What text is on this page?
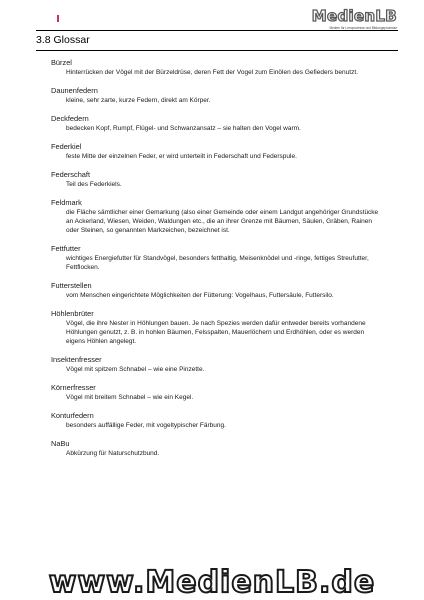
MedienLB
Medien für Lernprozesse und Bildungsprozesse
3.8 Glossar
Bürzel
Hinterrücken der Vögel mit der Bürzeldrüse, deren Fett der Vogel zum Einölen des Gefieders benutzt.
Daunenfedern
kleine, sehr zarte, kurze Federn, direkt am Körper.
Deckfedern
bedecken Kopf, Rumpf, Flügel- und Schwanzansatz – sie halten den Vogel warm.
Federkiel
feste Mitte der einzelnen Feder, er wird unterteilt in Federschaft und Federspule.
Federschaft
Teil des Federkiels.
Feldmark
die Fläche sämtlicher einer Gemarkung (also einer Gemeinde oder einem Landgut angehöriger Grundstücke an Ackerland, Wiesen, Weiden, Waldungen etc., die an ihrer Grenze mit Bäumen, Säulen, Gräben, Rainen oder Steinen, so genannten Markzeichen, bezeichnet ist.
Fettfutter
wichtiges Energiefutter für Standvögel, besonders fetthaltig, Meisenknödel und -ringe, fettiges Streufutter, Fettflocken.
Futterstellen
vom Menschen eingerichtete Möglichkeiten der Fütterung: Vogelhaus, Futtersäule, Futtersilo.
Höhlenbrüter
Vögel, die ihre Nester in Höhlungen bauen. Je nach Spezies werden dafür entweder bereits vorhandene Höhlungen genutzt, z. B. in hohlen Bäumen, Felsspalten, Mauerlöchern und Erdhöhlen, oder es werden eigens Höhlen angelegt.
Insektenfresser
Vögel mit spitzem Schnabel – wie eine Pinzette.
Körnerfresser
Vögel mit breitem Schnabel – wie ein Kegel.
Konturfedern
besonders auffällige Feder, mit vogeltypischer Färbung.
NaBu
Abkürzung für Naturschutzbund.
www.MedienLB.de
